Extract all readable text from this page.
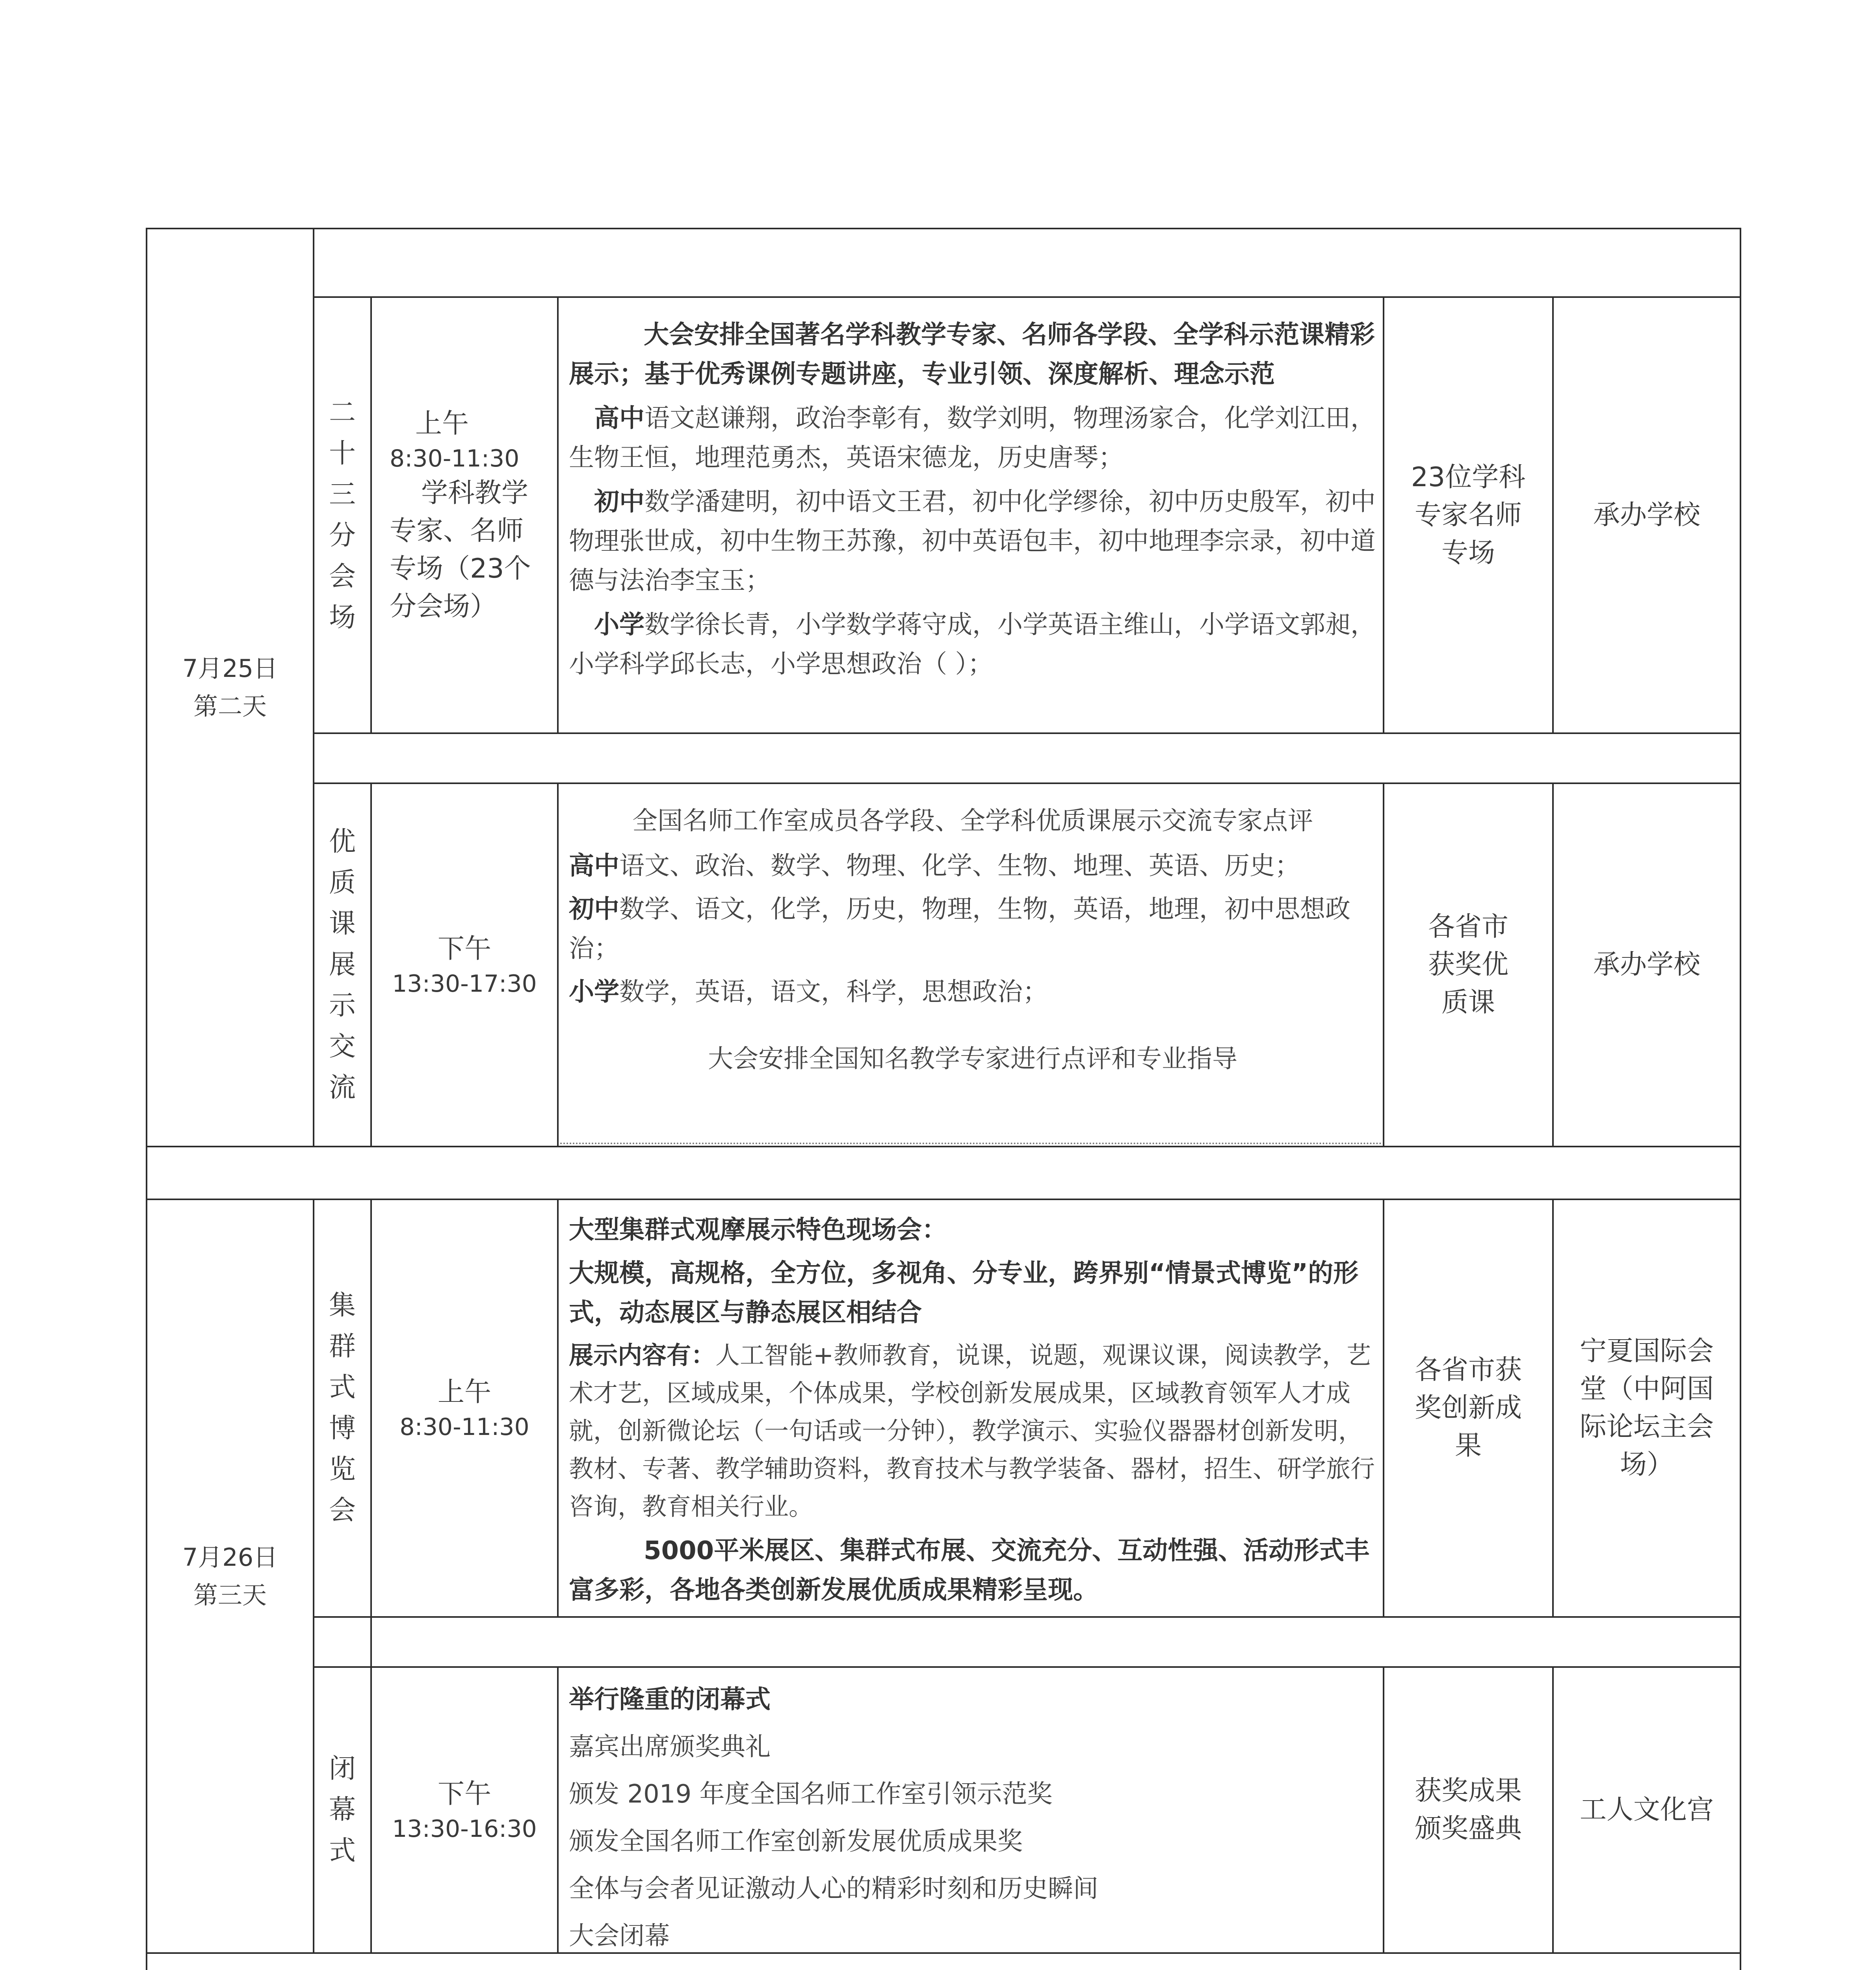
7月25日
第二天
二
十
三
分
会
场
上午
8:30-11:30
学科教学专家、名师专场（23个分会场）

大会安排全国著名学科教学专家、名师各学段、全学科示范课精彩展示；基于优秀课例专题讲座，专业引领、深度解析、理念示范

高中语文赵谦翔，政治李彰有，数学刘明，物理汤家合，化学刘江田，生物王恒，地理范勇杰，英语宋德龙，历史唐琴；

初中数学潘建明，初中语文王君，初中化学缪徐，初中历史殷军，初中物理张世成，初中生物王苏豫，初中英语包丰，初中地理李宗录，初中道德与法治李宝玉；

小学数学徐长青，小学数学蒋守成，小学英语主维山，小学语文郭昶，小学科学邱长志，小学思想政治（ ）；

23位学科专家名师专场
承办学校
优
质
课
展
示
交
流
下午
13:30-17:30

全国名师工作室成员各学段、全学科优质课展示交流专家点评

高中语文、政治、数学、物理、化学、生物、地理、英语、历史；

初中数学、语文，化学，历史，物理，生物，英语，地理，初中思想政治；

小学数学，英语，语文，科学，思想政治；

大会安排全国知名教学专家进行点评和专业指导

各省市获奖优质课
承办学校
7月26日
第三天
集
群
式
博
览
会
上午
8:30-11:30

大型集群式观摩展示特色现场会：

大规模，高规格，全方位，多视角、分专业，跨界别“情景式博览”的形式，动态展区与静态展区相结合

展示内容有：人工智能+教师教育，说课，说题，观课议课，阅读教学，艺术才艺，区域成果，个体成果，学校创新发展成果，区域教育领军人才成就，创新微论坛（一句话或一分钟），教学演示、实验仪器器材创新发明，教材、专著、教学辅助资料，教育技术与教学装备、器材，招生、研学旅行咨询，教育相关行业。

5000平米展区、集群式布展、交流充分、互动性强、活动形式丰富多彩，各地各类创新发展优质成果精彩呈现。

各省市获奖创新成果
宁夏国际会堂（中阿国际论坛主会场）
闭
幕
式
下午
13:30-16:30

举行隆重的闭幕式

嘉宾出席颁奖典礼

颁发 2019 年度全国名师工作室引领示范奖

颁发全国名师工作室创新发展优质成果奖

全体与会者见证激动人心的精彩时刻和历史瞬间

大会闭幕

获奖成果颁奖盛典
工人文化宫
